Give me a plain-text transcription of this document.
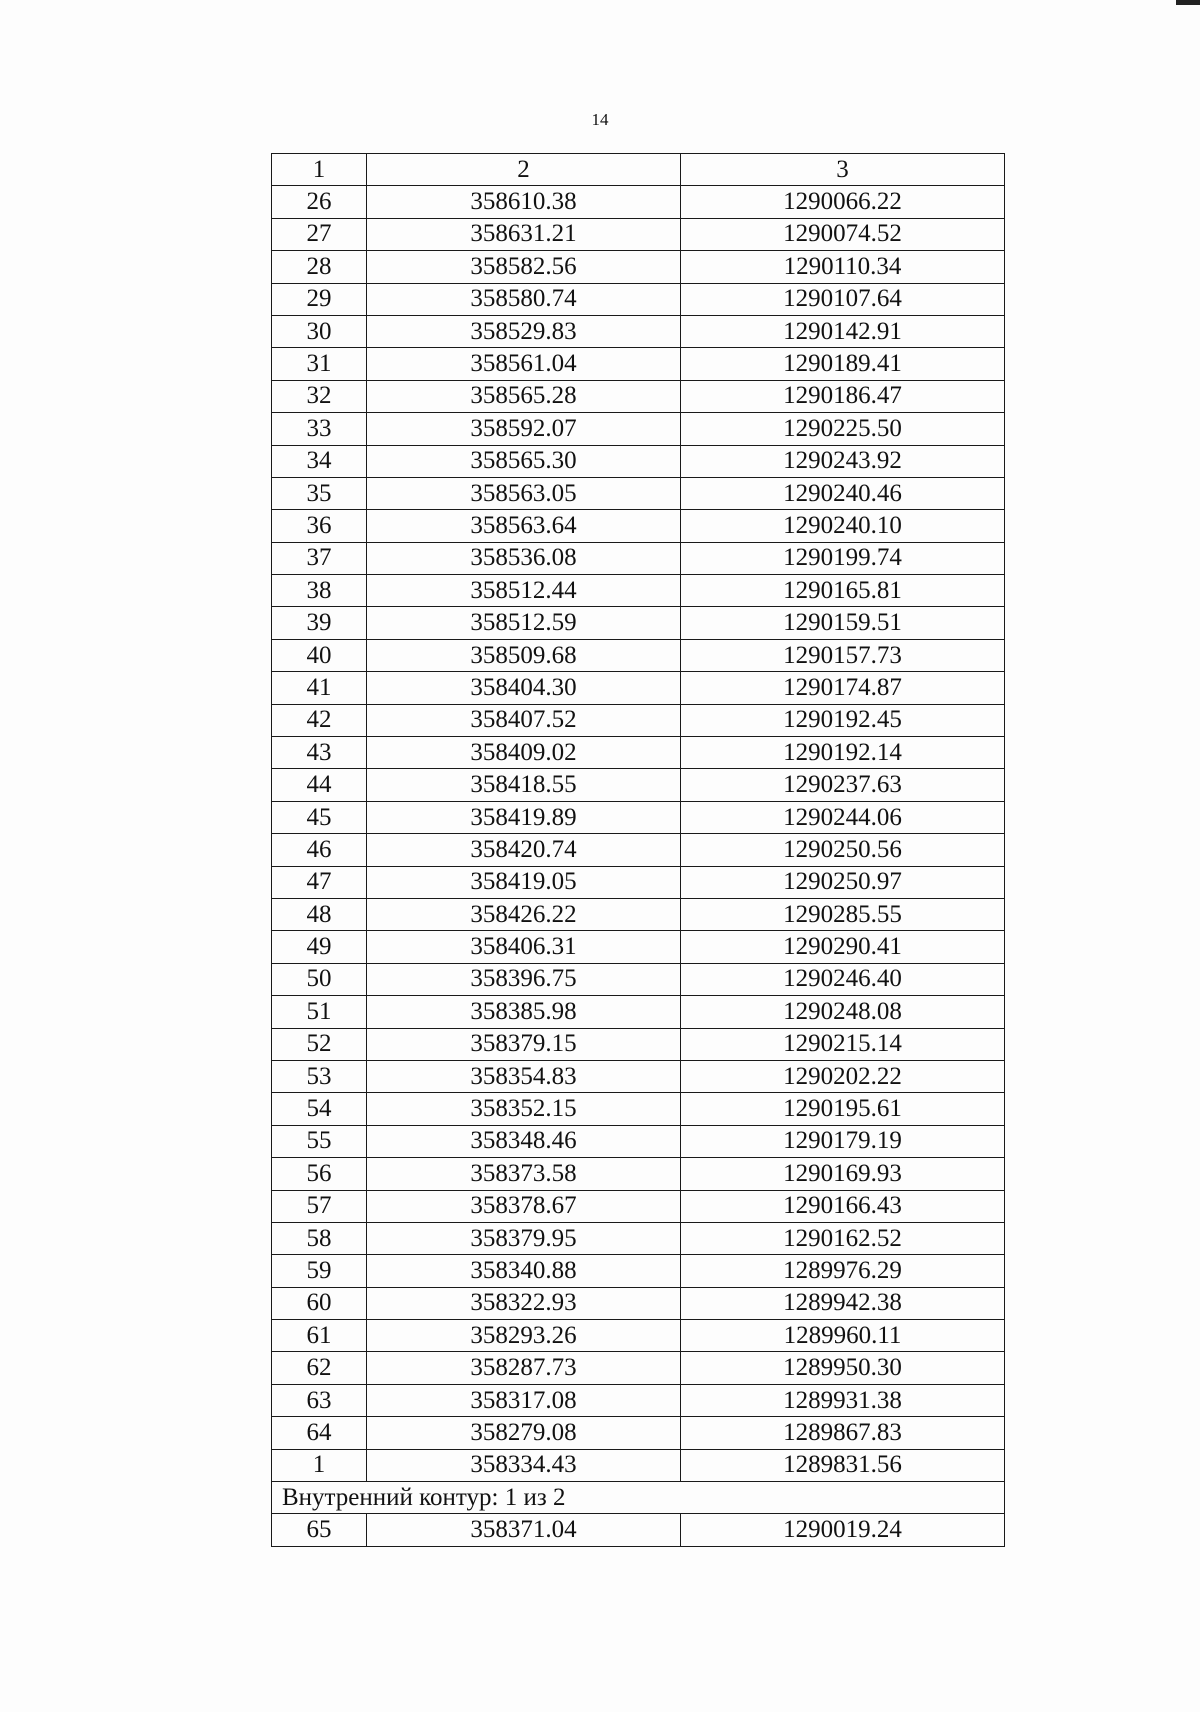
14
1	2	3
26	358610.38	1290066.22
27	358631.21	1290074.52
28	358582.56	1290110.34
29	358580.74	1290107.64
30	358529.83	1290142.91
31	358561.04	1290189.41
32	358565.28	1290186.47
33	358592.07	1290225.50
34	358565.30	1290243.92
35	358563.05	1290240.46
36	358563.64	1290240.10
37	358536.08	1290199.74
38	358512.44	1290165.81
39	358512.59	1290159.51
40	358509.68	1290157.73
41	358404.30	1290174.87
42	358407.52	1290192.45
43	358409.02	1290192.14
44	358418.55	1290237.63
45	358419.89	1290244.06
46	358420.74	1290250.56
47	358419.05	1290250.97
48	358426.22	1290285.55
49	358406.31	1290290.41
50	358396.75	1290246.40
51	358385.98	1290248.08
52	358379.15	1290215.14
53	358354.83	1290202.22
54	358352.15	1290195.61
55	358348.46	1290179.19
56	358373.58	1290169.93
57	358378.67	1290166.43
58	358379.95	1290162.52
59	358340.88	1289976.29
60	358322.93	1289942.38
61	358293.26	1289960.11
62	358287.73	1289950.30
63	358317.08	1289931.38
64	358279.08	1289867.83
1	358334.43	1289831.56
Внутренний контур: 1 из 2		
65	358371.04	1290019.24
